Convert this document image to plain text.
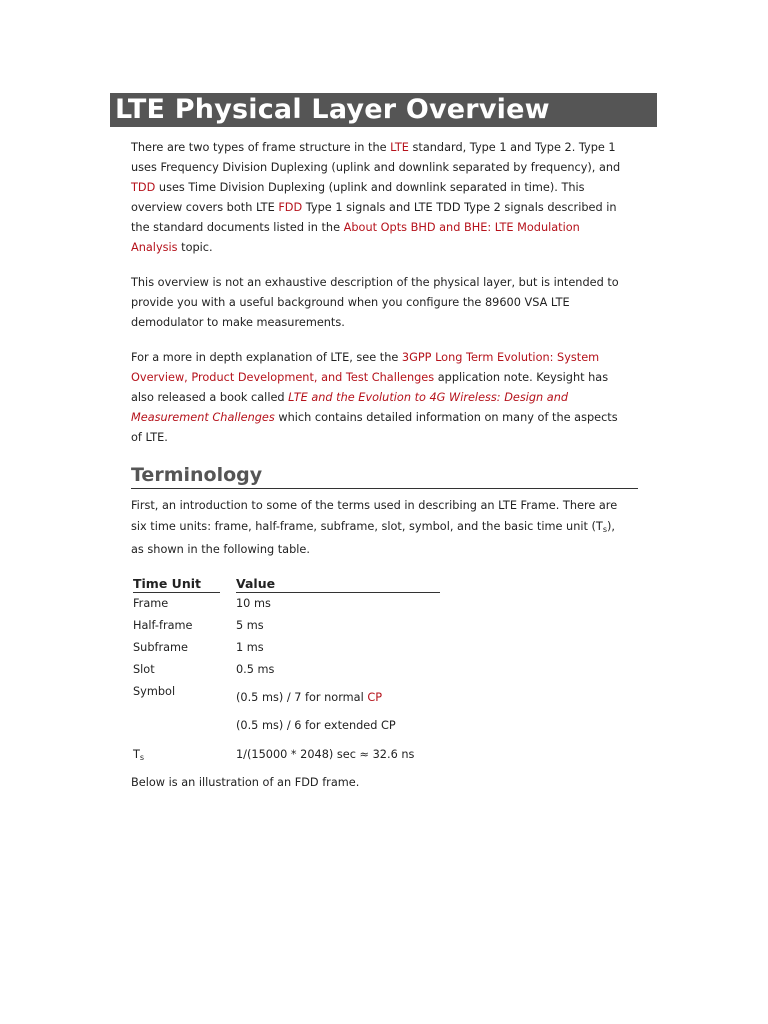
LTE Physical Layer Overview

There are two types of frame structure in the LTE standard, Type 1 and Type 2. Type 1 uses Frequency Division Duplexing (uplink and downlink separated by frequency), and TDD uses Time Division Duplexing (uplink and downlink separated in time). This overview covers both LTE FDD Type 1 signals and LTE TDD Type 2 signals described in the standard documents listed in the About Opts BHD and BHE: LTE Modulation Analysis topic.

This overview is not an exhaustive description of the physical layer, but is intended to provide you with a useful background when you configure the 89600 VSA LTE demodulator to make measurements.

For a more in depth explanation of LTE, see the 3GPP Long Term Evolution: System Overview, Product Development, and Test Challenges application note. Keysight has also released a book called LTE and the Evolution to 4G Wireless: Design and Measurement Challenges which contains detailed information on many of the aspects of LTE.

Terminology

First, an introduction to some of the terms used in describing an LTE Frame. There are six time units: frame, half-frame, subframe, slot, symbol, and the basic time unit $(T_s)$, as shown in the following table.

Time Unit	Value
Frame	10 ms
Half-frame	5 ms
Subframe	1 ms
Slot	0.5 ms
Symbol	(0.5 ms) / 7 for normal CP
(0.5 ms) / 6 for extended CP
$T_s$	1/(15000 * 2048) sec ≈ 32.6 ns

Below is an illustration of an FDD frame.
